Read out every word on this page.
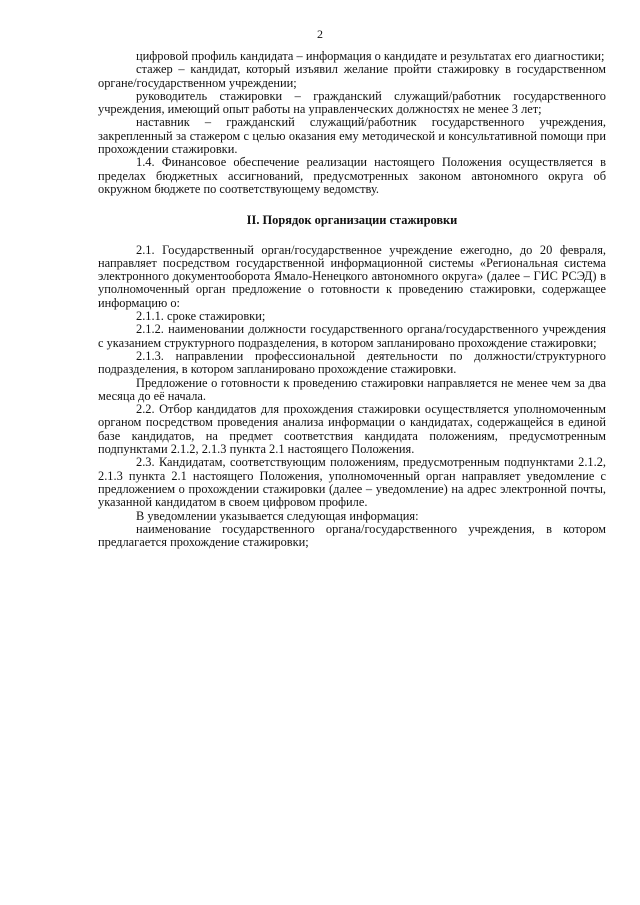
2

цифровой профиль кандидата – информация о кандидате и результатах его диагностики;

стажер – кандидат, который изъявил желание пройти стажировку в государственном органе/государственном учреждении;

руководитель стажировки – гражданский служащий/работник государственного учреждения, имеющий опыт работы на управленческих должностях не менее 3 лет;

наставник – гражданский служащий/работник государственного учреждения, закрепленный за стажером с целью оказания ему методической и консультативной помощи при прохождении стажировки.

1.4. Финансовое обеспечение реализации настоящего Положения осуществляется в пределах бюджетных ассигнований, предусмотренных законом автономного округа об окружном бюджете по соответствующему ведомству.

II. Порядок организации стажировки

2.1. Государственный орган/государственное учреждение ежегодно, до 20 февраля, направляет посредством государственной информационной системы «Региональная система электронного документооборота Ямало-Ненецкого автономного округа» (далее – ГИС РСЭД) в уполномоченный орган предложение о готовности к проведению стажировки, содержащее информацию о:

2.1.1. сроке стажировки;

2.1.2. наименовании должности государственного органа/государственного учреждения с указанием структурного подразделения, в котором запланировано прохождение стажировки;

2.1.3. направлении профессиональной деятельности по должности/структурного подразделения, в котором запланировано прохождение стажировки.

Предложение о готовности к проведению стажировки направляется не менее чем за два месяца до её начала.

2.2. Отбор кандидатов для прохождения стажировки осуществляется уполномоченным органом посредством проведения анализа информации о кандидатах, содержащейся в единой базе кандидатов, на предмет соответствия кандидата положениям, предусмотренным подпунктами 2.1.2, 2.1.3 пункта 2.1 настоящего Положения.

2.3. Кандидатам, соответствующим положениям, предусмотренным подпунктами 2.1.2, 2.1.3 пункта 2.1 настоящего Положения, уполномоченный орган направляет уведомление с предложением о прохождении стажировки (далее – уведомление) на адрес электронной почты, указанной кандидатом в своем цифровом профиле.

В уведомлении указывается следующая информация:

наименование государственного органа/государственного учреждения, в котором предлагается прохождение стажировки;
